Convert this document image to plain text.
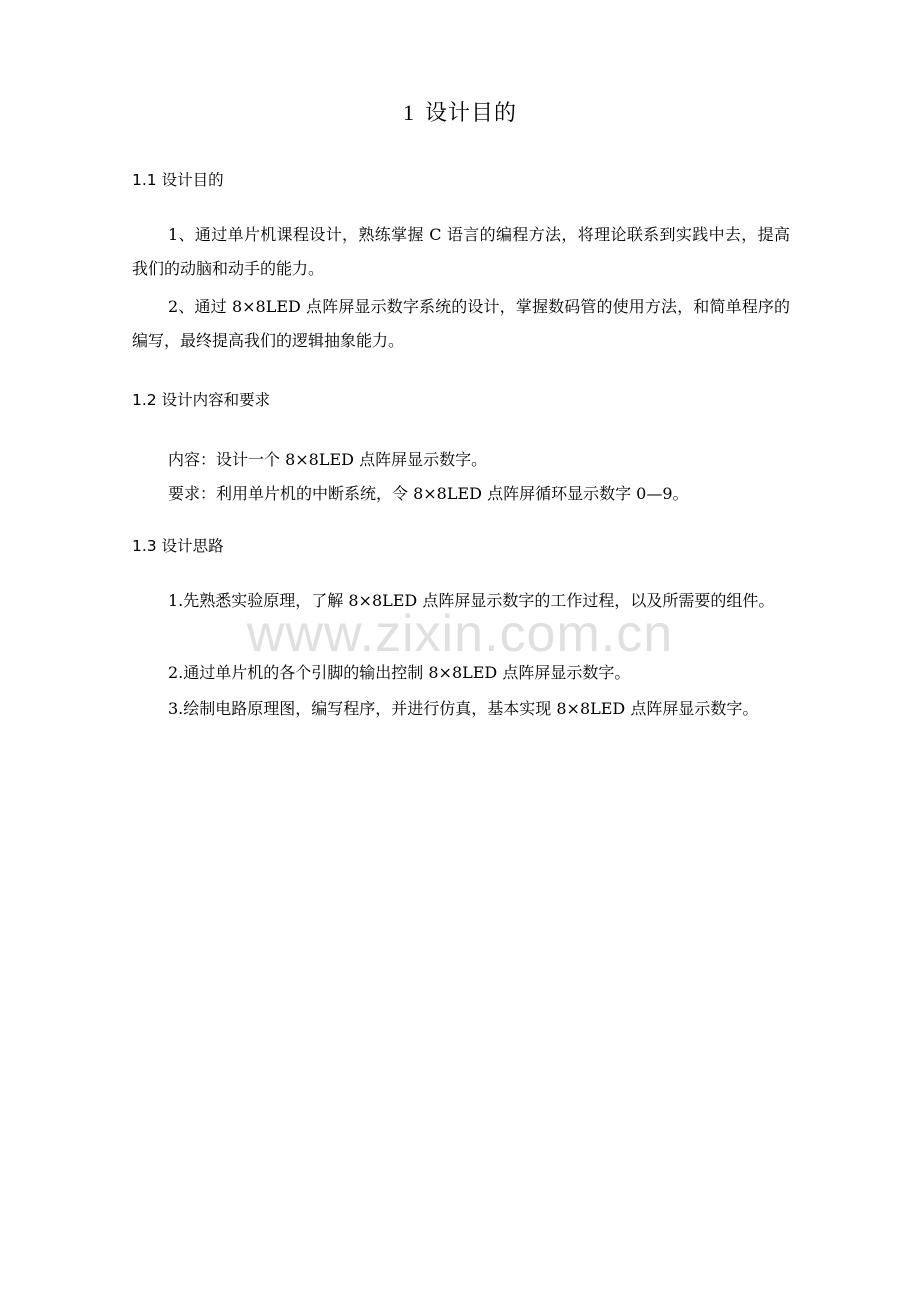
1 设计目的
1.1 设计目的

1、通过单片机课程设计，熟练掌握 C 语言的编程方法，将理论联系到实践中去，提高我们的动脑和动手的能力。

2、通过 8×8LED 点阵屏显示数字系统的设计，掌握数码管的使用方法，和简单程序的编写，最终提高我们的逻辑抽象能力。

1.2 设计内容和要求

内容：设计一个 8×8LED 点阵屏显示数字。

要求：利用单片机的中断系统，令 8×8LED 点阵屏循环显示数字 0—9。

1.3 设计思路

1.先熟悉实验原理，了解 8×8LED 点阵屏显示数字的工作过程，以及所需要的组件。

2.通过单片机的各个引脚的输出控制 8×8LED 点阵屏显示数字。

3.绘制电路原理图，编写程序，并进行仿真，基本实现 8×8LED 点阵屏显示数字。

www.zixin.com.cn
